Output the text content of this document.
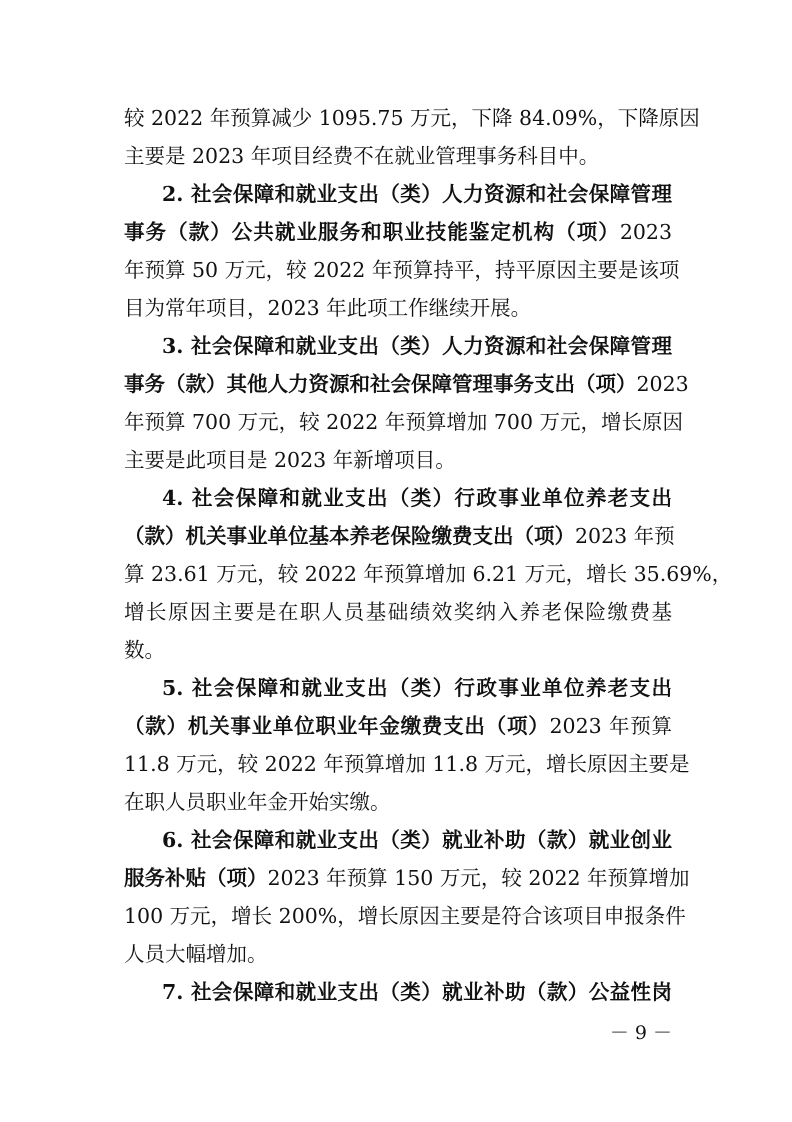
较 2022 年预算减少 1095.75 万元，下降 84.09%，下降原因
主要是 2023 年项目经费不在就业管理事务科目中。
2. 社会保障和就业支出（类）人力资源和社会保障管理
事务（款）公共就业服务和职业技能鉴定机构（项）2023
年预算 50 万元，较 2022 年预算持平，持平原因主要是该项
目为常年项目，2023 年此项工作继续开展。
3. 社会保障和就业支出（类）人力资源和社会保障管理
事务（款）其他人力资源和社会保障管理事务支出（项）2023
年预算 700 万元，较 2022 年预算增加 700 万元，增长原因
主要是此项目是 2023 年新增项目。
4. 社会保障和就业支出（类）行政事业单位养老支出
（款）机关事业单位基本养老保险缴费支出（项）2023 年预
算 23.61 万元，较 2022 年预算增加 6.21 万元，增长 35.69%，
增长原因主要是在职人员基础绩效奖纳入养老保险缴费基
数。
5. 社会保障和就业支出（类）行政事业单位养老支出
（款）机关事业单位职业年金缴费支出（项）2023 年预算
11.8 万元，较 2022 年预算增加 11.8 万元，增长原因主要是
在职人员职业年金开始实缴。
6. 社会保障和就业支出（类）就业补助（款）就业创业
服务补贴（项）2023 年预算 150 万元，较 2022 年预算增加
100 万元，增长 200%，增长原因主要是符合该项目申报条件
人员大幅增加。
7. 社会保障和就业支出（类）就业补助（款）公益性岗
－ 9 －
